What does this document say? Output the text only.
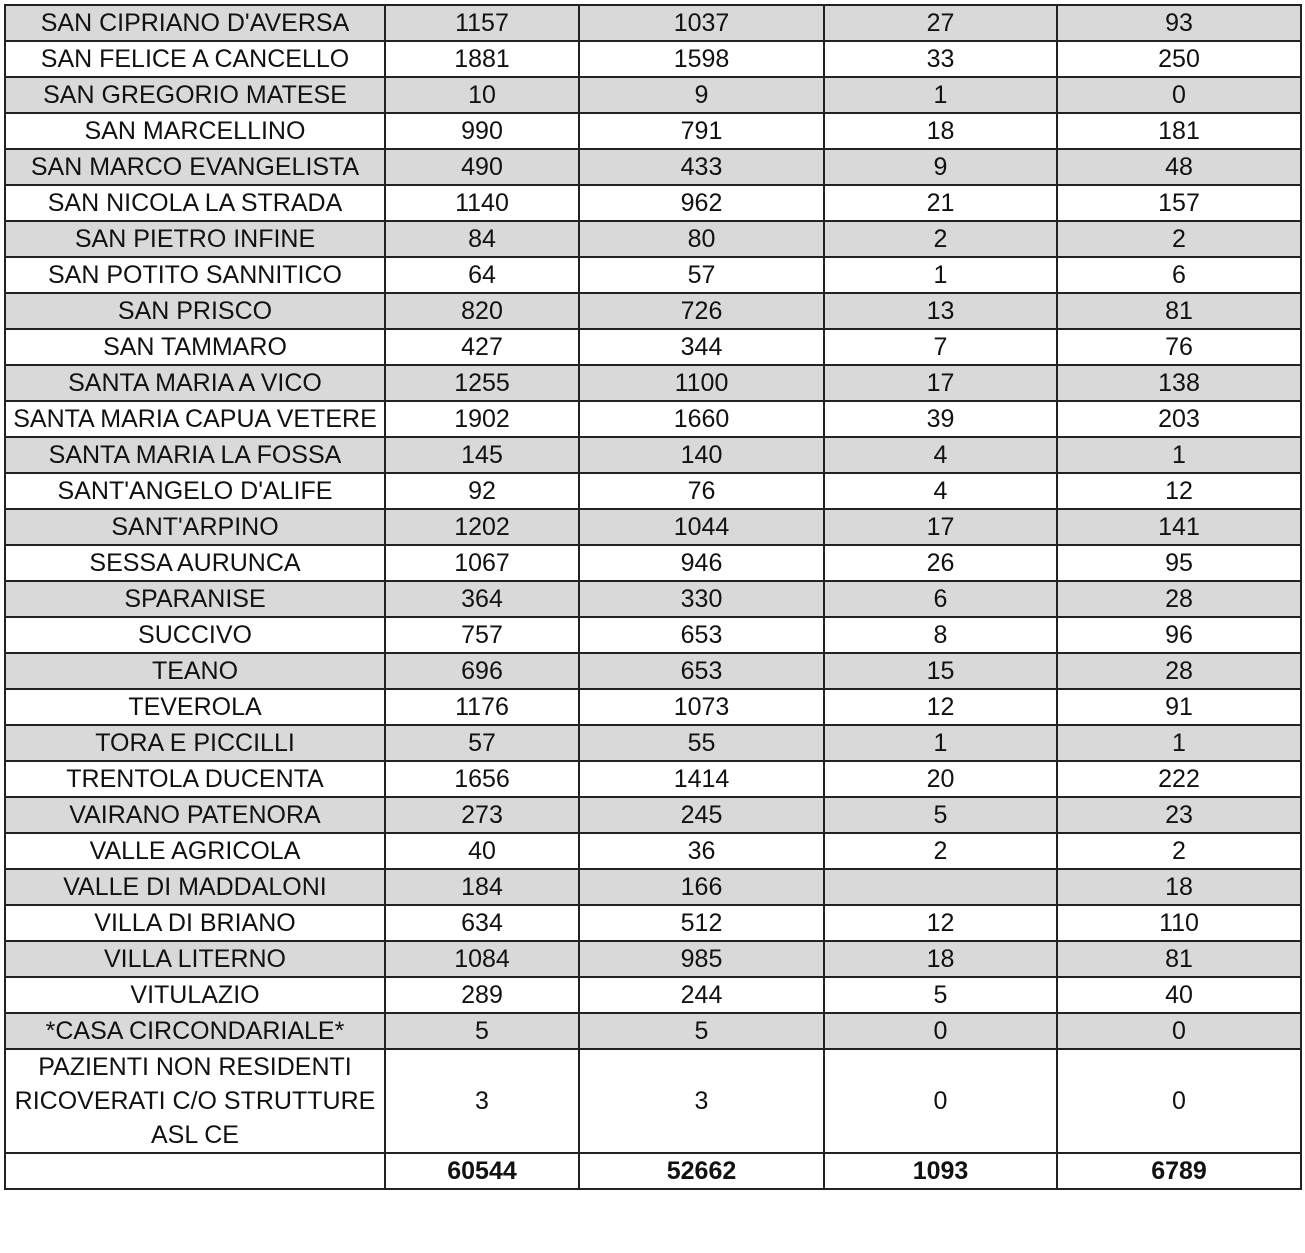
SAN CIPRIANO D'AVERSA	1157	1037	27	93
SAN FELICE A CANCELLO	1881	1598	33	250
SAN GREGORIO MATESE	10	9	1	0
SAN MARCELLINO	990	791	18	181
SAN MARCO EVANGELISTA	490	433	9	48
SAN NICOLA LA STRADA	1140	962	21	157
SAN PIETRO INFINE	84	80	2	2
SAN POTITO SANNITICO	64	57	1	6
SAN PRISCO	820	726	13	81
SAN TAMMARO	427	344	7	76
SANTA MARIA A VICO	1255	1100	17	138
SANTA MARIA CAPUA VETERE	1902	1660	39	203
SANTA MARIA LA FOSSA	145	140	4	1
SANT'ANGELO D'ALIFE	92	76	4	12
SANT'ARPINO	1202	1044	17	141
SESSA AURUNCA	1067	946	26	95
SPARANISE	364	330	6	28
SUCCIVO	757	653	8	96
TEANO	696	653	15	28
TEVEROLA	1176	1073	12	91
TORA E PICCILLI	57	55	1	1
TRENTOLA DUCENTA	1656	1414	20	222
VAIRANO PATENORA	273	245	5	23
VALLE AGRICOLA	40	36	2	2
VALLE DI MADDALONI	184	166		18
VILLA DI BRIANO	634	512	12	110
VILLA LITERNO	1084	985	18	81
VITULAZIO	289	244	5	40
*CASA CIRCONDARIALE*	5	5	0	0
PAZIENTI NON RESIDENTI RICOVERATI C/O STRUTTURE ASL CE	3	3	0	0
	60544	52662	1093	6789
